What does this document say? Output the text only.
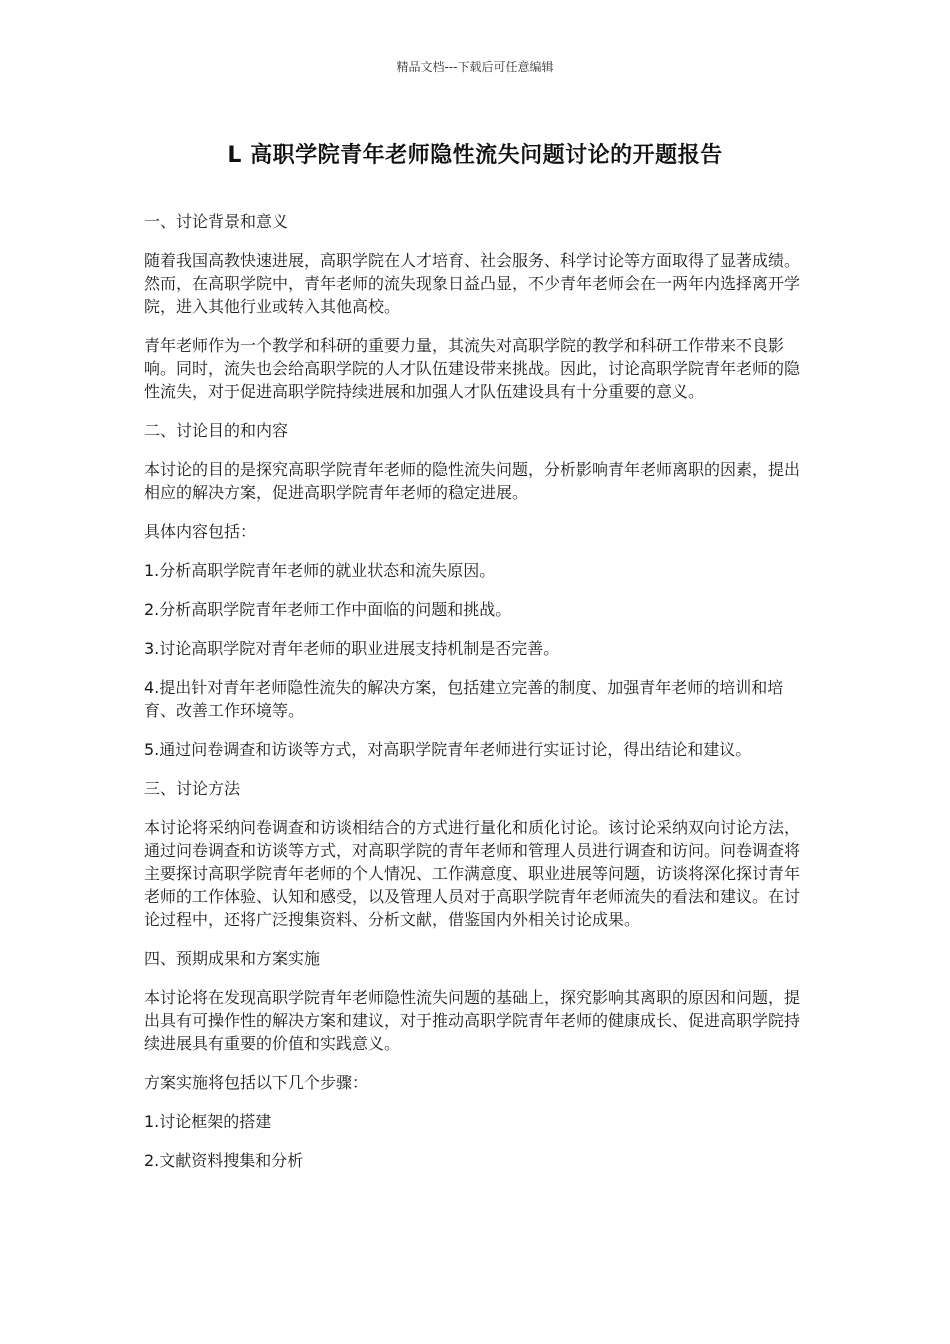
精品文档---下载后可任意编辑
L 高职学院青年老师隐性流失问题讨论的开题报告

一、讨论背景和意义

随着我国高教快速进展，高职学院在人才培育、社会服务、科学讨论等方面取得了显著成绩。然而，在高职学院中，青年老师的流失现象日益凸显，不少青年老师会在一两年内选择离开学院，进入其他行业或转入其他高校。

青年老师作为一个教学和科研的重要力量，其流失对高职学院的教学和科研工作带来不良影响。同时，流失也会给高职学院的人才队伍建设带来挑战。因此，讨论高职学院青年老师的隐性流失，对于促进高职学院持续进展和加强人才队伍建设具有十分重要的意义。

二、讨论目的和内容

本讨论的目的是探究高职学院青年老师的隐性流失问题，分析影响青年老师离职的因素，提出相应的解决方案，促进高职学院青年老师的稳定进展。

具体内容包括：

1.分析高职学院青年老师的就业状态和流失原因。

2.分析高职学院青年老师工作中面临的问题和挑战。

3.讨论高职学院对青年老师的职业进展支持机制是否完善。

4.提出针对青年老师隐性流失的解决方案，包括建立完善的制度、加强青年老师的培训和培育、改善工作环境等。

5.通过问卷调查和访谈等方式，对高职学院青年老师进行实证讨论，得出结论和建议。

三、讨论方法

本讨论将采纳问卷调查和访谈相结合的方式进行量化和质化讨论。该讨论采纳双向讨论方法，通过问卷调查和访谈等方式，对高职学院的青年老师和管理人员进行调查和访问。问卷调查将主要探讨高职学院青年老师的个人情况、工作满意度、职业进展等问题，访谈将深化探讨青年老师的工作体验、认知和感受，以及管理人员对于高职学院青年老师流失的看法和建议。在讨论过程中，还将广泛搜集资料、分析文献，借鉴国内外相关讨论成果。

四、预期成果和方案实施

本讨论将在发现高职学院青年老师隐性流失问题的基础上，探究影响其离职的原因和问题，提出具有可操作性的解决方案和建议，对于推动高职学院青年老师的健康成长、促进高职学院持续进展具有重要的价值和实践意义。

方案实施将包括以下几个步骤：

1.讨论框架的搭建

2.文献资料搜集和分析
